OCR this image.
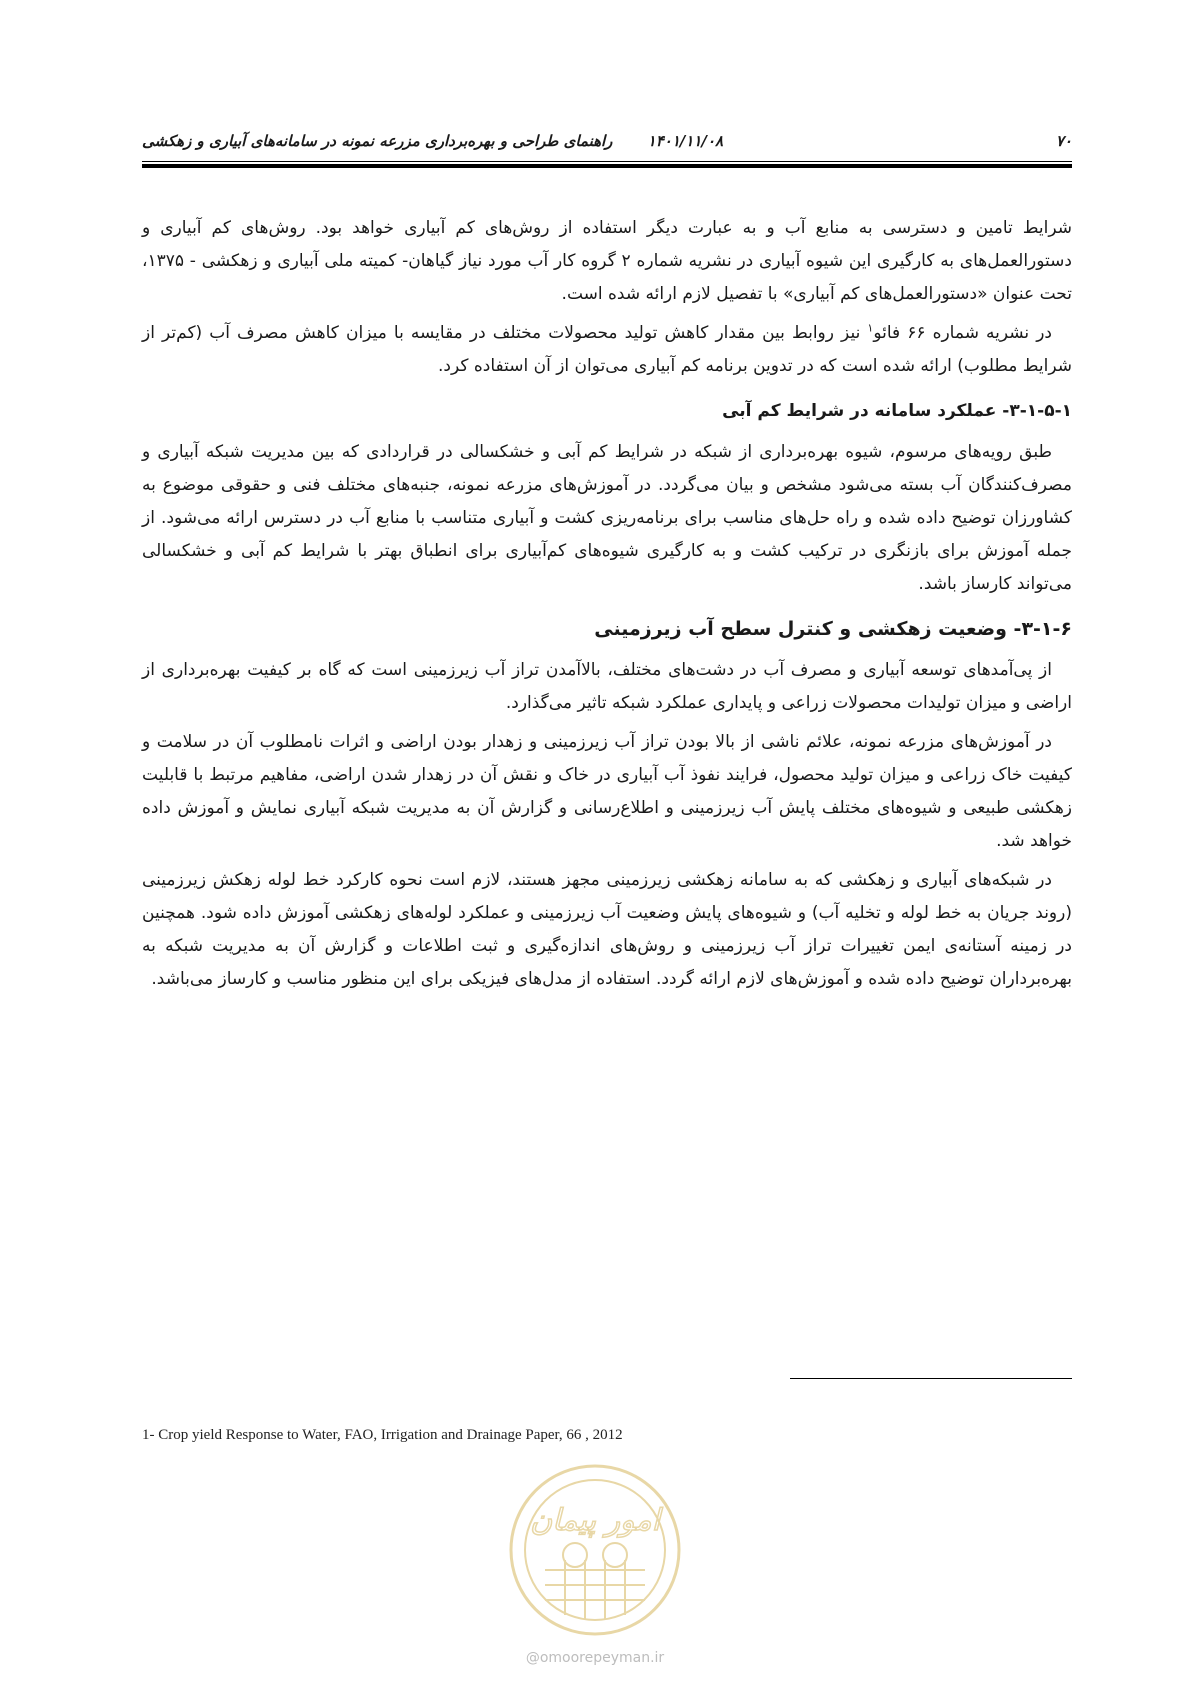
۷۰
۱۴۰۱/۱۱/۰۸ راهنمای طراحی و بهره‌برداری مزرعه نمونه در سامانه‌های آبیاری و زهکشی

شرایط تامین و دسترسی به منابع آب و به عبارت دیگر استفاده از روش‌های کم آبیاری خواهد بود. روش‌های کم آبیاری و دستورالعمل‌های به کارگیری این شیوه آبیاری در نشریه شماره ۲ گروه کار آب مورد نیاز گیاهان- کمیته ملی آبیاری و زهکشی - ۱۳۷۵، تحت عنوان «دستورالعمل‌های کم آبیاری» با تفصیل لازم ارائه شده است.

در نشریه شماره ۶۶ فائو$^۱$ نیز روابط بین مقدار کاهش تولید محصولات مختلف در مقایسه با میزان کاهش مصرف آب (کم‌تر از شرایط مطلوب) ارائه شده است که در تدوین برنامه کم آبیاری می‌توان از آن استفاده کرد.

۳-۱-۵-۱- عملکرد سامانه در شرایط کم آبی

طبق رویه‌های مرسوم، شیوه بهره‌برداری از شبکه در شرایط کم آبی و خشکسالی در قراردادی که بین مدیریت شبکه آبیاری و مصرف‌کنندگان آب بسته می‌شود مشخص و بیان می‌گردد. در آموزش‌های مزرعه نمونه، جنبه‌های مختلف فنی و حقوقی موضوع به کشاورزان توضیح داده شده و راه حل‌های مناسب برای برنامه‌ریزی کشت و آبیاری متناسب با منابع آب در دسترس ارائه می‌شود. از جمله آموزش برای بازنگری در ترکیب کشت و به کارگیری شیوه‌های کم‌آبیاری برای انطباق بهتر با شرایط کم آبی و خشکسالی می‌تواند کارساز باشد.

۳-۱-۶- وضعیت زهکشی و کنترل سطح آب زیرزمینی

از پی‌آمدهای توسعه آبیاری و مصرف آب در دشت‌های مختلف، بالاآمدن تراز آب زیرزمینی است که گاه بر کیفیت بهره‌برداری از اراضی و میزان تولیدات محصولات زراعی و پایداری عملکرد شبکه تاثیر می‌گذارد.

در آموزش‌های مزرعه نمونه، علائم ناشی از بالا بودن تراز آب زیرزمینی و زهدار بودن اراضی و اثرات نامطلوب آن در سلامت و کیفیت خاک زراعی و میزان تولید محصول، فرایند نفوذ آب آبیاری در خاک و نقش آن در زهدار شدن اراضی، مفاهیم مرتبط با قابلیت زهکشی طبیعی و شیوه‌های مختلف پایش آب زیرزمینی و اطلاع‌رسانی و گزارش آن به مدیریت شبکه آبیاری نمایش و آموزش داده خواهد شد.

در شبکه‌های آبیاری و زهکشی که به سامانه زهکشی زیرزمینی مجهز هستند، لازم است نحوه کارکرد خط لوله زهکش زیرزمینی (روند جریان به خط لوله و تخلیه آب) و شیوه‌های پایش وضعیت آب زیرزمینی و عملکرد لوله‌های زهکشی آموزش داده شود. همچنین در زمینه آستانه‌ی ایمن تغییرات تراز آب زیرزمینی و روش‌های اندازه‌گیری و ثبت اطلاعات و گزارش آن به مدیریت شبکه به بهره‌برداران توضیح داده شده و آموزش‌های لازم ارائه گردد. استفاده از مدل‌های فیزیکی برای این منظور مناسب و کارساز می‌باشد.

1- Crop yield Response to Water, FAO, Irrigation and Drainage Paper, 66 , 2012
امور پیمان
@omoorepeyman.ir
